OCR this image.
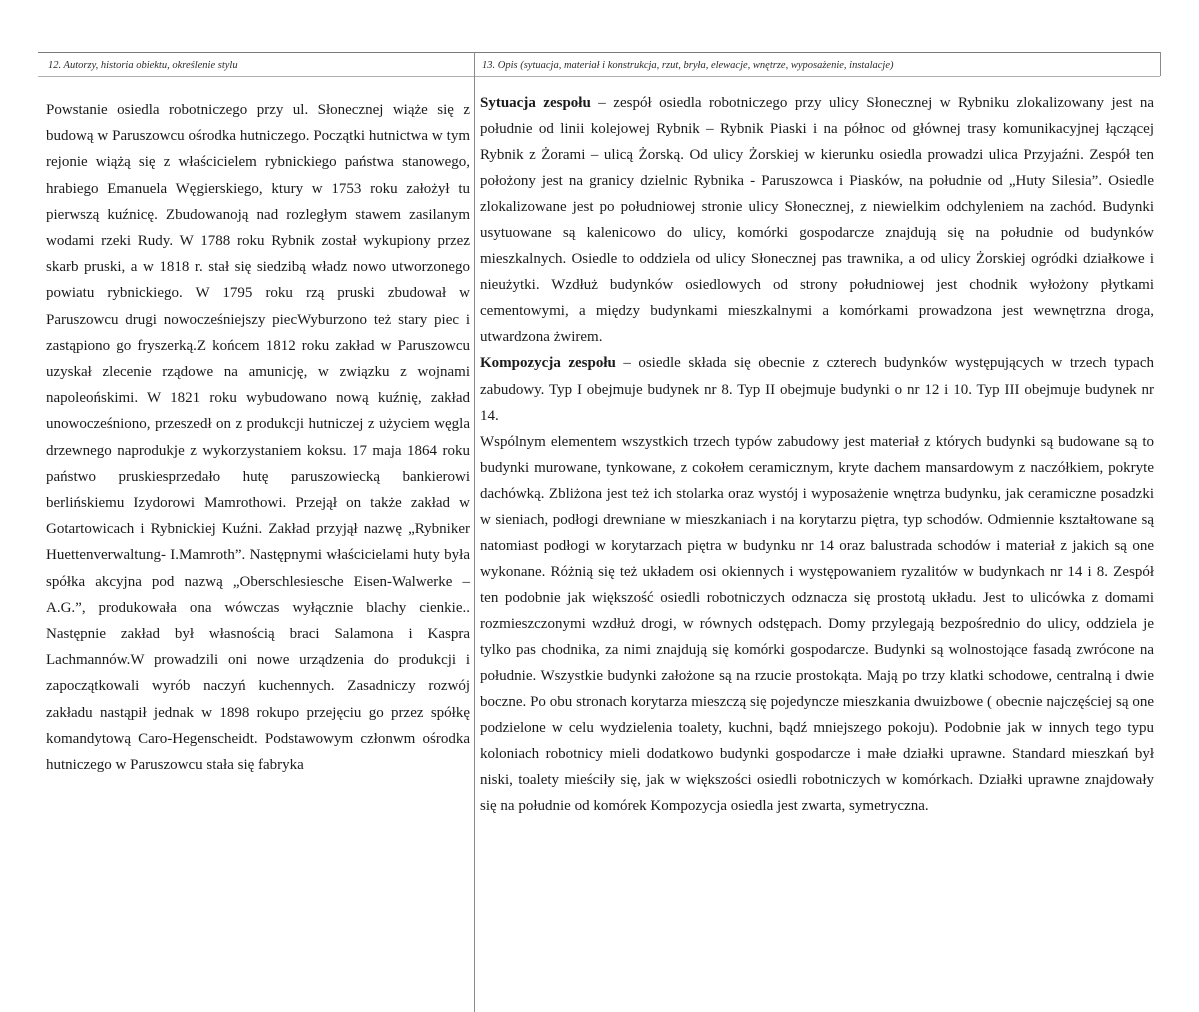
12. Autorzy, historia obiektu, określenie stylu	13. Opis (sytuacja, materiał i konstrukcja, rzut, bryła, elewacje, wnętrze, wyposażenie, instalacje)

Powstanie osiedla robotniczego przy ul. Słonecznej wiąże się z budową w Paruszowcu ośrodka hutniczego. Początki hutnictwa w tym rejonie wiążą się z właścicielem rybnickiego państwa stanowego, hrabiego Emanuela Węgierskiego, ktury w 1753 roku założył tu pierwszą kuźnicę. Zbudowanoją nad rozległym stawem zasilanym wodami rzeki Rudy. W 1788 roku Rybnik został wykupiony przez skarb pruski, a w 1818 r. stał się siedzibą władz nowo utworzonego powiatu rybnickiego. W 1795 roku rzą pruski zbudował w Paruszowcu drugi nowocześniejszy piecWyburzono też stary piec i zastąpiono go fryszerką.Z końcem 1812 roku zakład w Paruszowcu uzyskał zlecenie rządowe na amunicję, w związku z wojnami napoleońskimi. W 1821 roku wybudowano nową kuźnię, zakład unowocześniono, przeszedł on z produkcji hutniczej z użyciem węgla drzewnego naprodukje z wykorzystaniem koksu. 17 maja 1864 roku państwo pruskiesprzedało hutę paruszowiecką bankierowi berlińskiemu Izydorowi Mamrothowi. Przejął on także zakład w Gotartowicach i Rybnickiej Kuźni. Zakład przyjął nazwę „Rybniker Huettenverwaltung- I.Mamroth”. Następnymi właścicielami huty była spółka akcyjna pod nazwą „Oberschlesiesche Eisen-Walwerke – A.G.”, produkowała ona wówczas wyłącznie blachy cienkie.. Następnie zakład był własnością braci Salamona i Kaspra Lachmannów.W prowadzili oni nowe urządzenia do produkcji i zapoczątkowali wyrób naczyń kuchennych. Zasadniczy rozwój zakładu nastąpił jednak w 1898 rokupo przejęciu go przez spółkę komandytową Caro-Hegenscheidt. Podstawowym członwm ośrodka hutniczego w Paruszowcu stała się fabryka

Sytuacja zespołu – zespół osiedla robotniczego przy ulicy Słonecznej w Rybniku zlokalizowany jest na południe od linii kolejowej Rybnik – Rybnik Piaski i na północ od głównej trasy komunikacyjnej łączącej Rybnik z Żorami – ulicą Żorską. Od ulicy Żorskiej w kierunku osiedla prowadzi ulica Przyjaźni. Zespół ten położony jest na granicy dzielnic Rybnika - Paruszowca i Piasków, na południe od „Huty Silesia”. Osiedle zlokalizowane jest po południowej stronie ulicy Słonecznej, z niewielkim odchyleniem na zachód. Budynki usytuowane są kalenicowo do ulicy, komórki gospodarcze znajdują się na południe od budynków mieszkalnych. Osiedle to oddziela od ulicy Słonecznej pas trawnika, a od ulicy Żorskiej ogródki działkowe i nieużytki. Wzdłuż budynków osiedlowych od strony południowej jest chodnik wyłożony płytkami cementowymi, a między budynkami mieszkalnymi a komórkami prowadzona jest wewnętrzna droga, utwardzona żwirem.

Kompozycja zespołu – osiedle składa się obecnie z czterech budynków występujących w trzech typach zabudowy. Typ I obejmuje budynek nr 8. Typ II obejmuje budynki o nr 12 i 10. Typ III obejmuje budynek nr 14.

Wspólnym elementem wszystkich trzech typów zabudowy jest materiał z których budynki są budowane są to budynki murowane, tynkowane, z cokołem ceramicznym, kryte dachem mansardowym z naczółkiem, pokryte dachówką. Zbliżona jest też ich stolarka oraz wystój i wyposażenie wnętrza budynku, jak ceramiczne posadzki w sieniach, podłogi drewniane w mieszkaniach i na korytarzu piętra, typ schodów. Odmiennie kształtowane są natomiast podłogi w korytarzach piętra w budynku nr 14 oraz balustrada schodów i materiał z jakich są one wykonane. Różnią się też układem osi okiennych i występowaniem ryzalitów w budynkach nr 14 i 8. Zespół ten podobnie jak większość osiedli robotniczych odznacza się prostotą układu. Jest to ulicówka z domami rozmieszczonymi wzdłuż drogi, w równych odstępach. Domy przylegają bezpośrednio do ulicy, oddziela je tylko pas chodnika, za nimi znajdują się komórki gospodarcze. Budynki są wolnostojące fasadą zwrócone na południe. Wszystkie budynki założone są na rzucie prostokąta. Mają po trzy klatki schodowe, centralną i dwie boczne. Po obu stronach korytarza mieszczą się pojedyncze mieszkania dwuizbowe ( obecnie najczęściej są one podzielone w celu wydzielenia toalety, kuchni, bądź mniejszego pokoju). Podobnie jak w innych tego typu koloniach robotnicy mieli dodatkowo budynki gospodarcze i małe działki uprawne. Standard mieszkań był niski, toalety mieściły się, jak w większości osiedli robotniczych w komórkach. Działki uprawne znajdowały się na południe od komórek Kompozycja osiedla jest zwarta, symetryczna.
